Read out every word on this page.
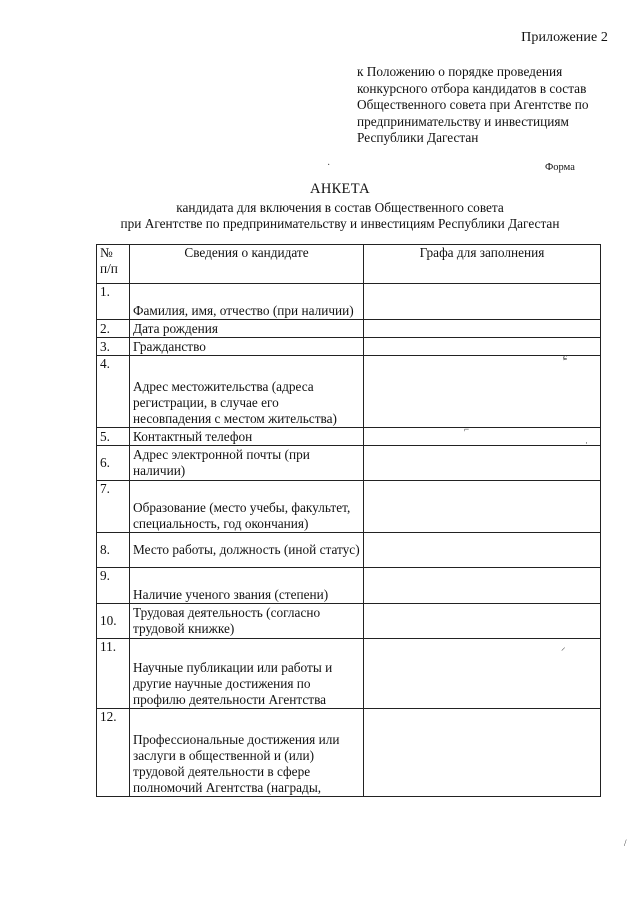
Приложение 2
к Положению о порядке проведения конкурсного отбора кандидатов в состав Общественного совета при Агентстве по предпринимательству и инвестициям Республики Дагестан
·	Форма
АНКЕТА
кандидата для включения в состав Общественного совета
при Агентстве по предпринимательству и инвестициям Республики Дагестан
№ п/п	Сведения о кандидате	Графа для заполнения
1.	Фамилия, имя, отчество (при наличии)	
2.	Дата рождения	
3.	Гражданство	
4.	Адрес местожительства (адреса регистрации, в случае его несовпадения с местом жительства)	
5.	Контактный телефон	
6.	Адрес электронной почты (при наличии)	
7.	Образование (место учебы, факультет, специальность, год окончания)	
8.	Место работы, должность (иной статус)	
9.	Наличие ученого звания (степени)	
10.	Трудовая деятельность (согласно трудовой книжке)	
11.	Научные публикации или работы и другие научные достижения по профилю деятельности Агентства	
12.	Профессиональные достижения или заслуги в общественной и (или) трудовой деятельности в сфере полномочий Агентства (награды,	
ɕ
⌐
·
⸝
/
